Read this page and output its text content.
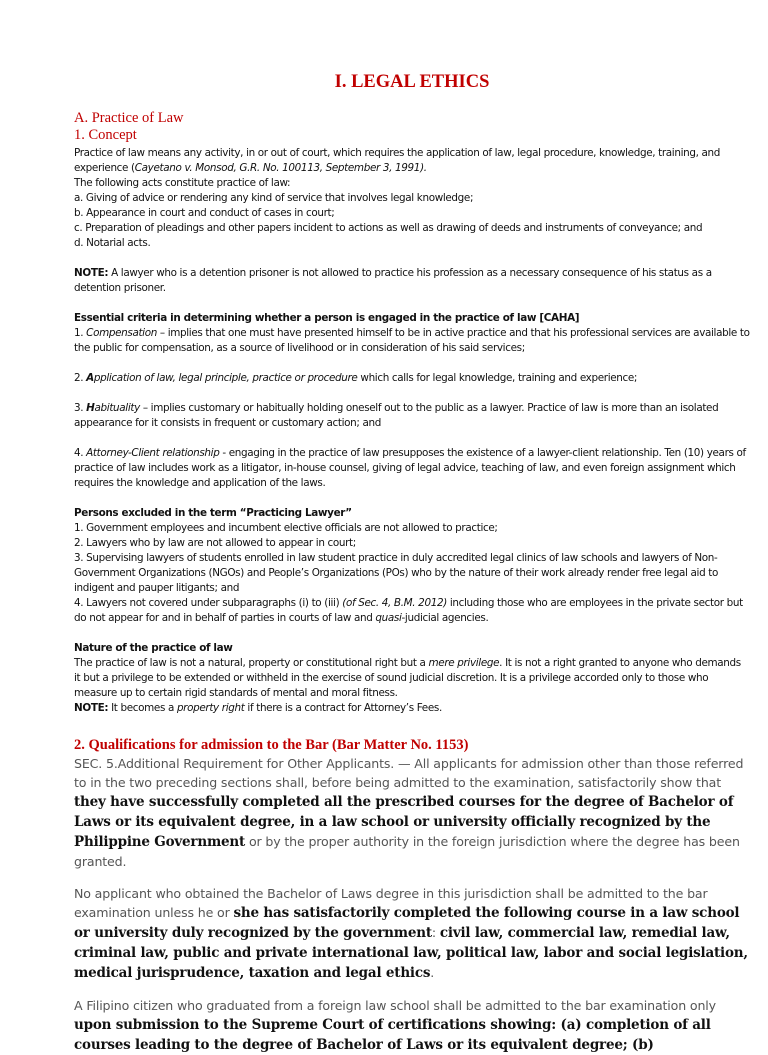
I. LEGAL ETHICS
A. Practice of Law
1. Concept

Practice of law means any activity, in or out of court, which requires the application of law, legal procedure, knowledge, training, and experience (Cayetano v. Monsod, G.R. No. 100113, September 3, 1991).

The following acts constitute practice of law:

a. Giving of advice or rendering any kind of service that involves legal knowledge;

b. Appearance in court and conduct of cases in court;

c. Preparation of pleadings and other papers incident to actions as well as drawing of deeds and instruments of conveyance; and

d. Notarial acts.

NOTE: A lawyer who is a detention prisoner is not allowed to practice his profession as a necessary consequence of his status as a detention prisoner.

Essential criteria in determining whether a person is engaged in the practice of law [CAHA]

1. Compensation – implies that one must have presented himself to be in active practice and that his professional services are available to the public for compensation, as a source of livelihood or in consideration of his said services;

2. Application of law, legal principle, practice or procedure which calls for legal knowledge, training and experience;

3. Habituality – implies customary or habitually holding oneself out to the public as a lawyer. Practice of law is more than an isolated appearance for it consists in frequent or customary action; and

4. Attorney-Client relationship - engaging in the practice of law presupposes the existence of a lawyer-client relationship. Ten (10) years of practice of law includes work as a litigator, in-house counsel, giving of legal advice, teaching of law, and even foreign assignment which requires the knowledge and application of the laws.

Persons excluded in the term “Practicing Lawyer”

1. Government employees and incumbent elective officials are not allowed to practice;

2. Lawyers who by law are not allowed to appear in court;

3. Supervising lawyers of students enrolled in law student practice in duly accredited legal clinics of law schools and lawyers of Non-Government Organizations (NGOs) and People’s Organizations (POs) who by the nature of their work already render free legal aid to indigent and pauper litigants; and

4. Lawyers not covered under subparagraphs (i) to (iii) (of Sec. 4, B.M. 2012) including those who are employees in the private sector but do not appear for and in behalf of parties in courts of law and quasi-judicial agencies.

Nature of the practice of law

The practice of law is not a natural, property or constitutional right but a mere privilege. It is not a right granted to anyone who demands it but a privilege to be extended or withheld in the exercise of sound judicial discretion. It is a privilege accorded only to those who measure up to certain rigid standards of mental and moral fitness.

NOTE: It becomes a property right if there is a contract for Attorney’s Fees.

2. Qualifications for admission to the Bar (Bar Matter No. 1153)

SEC. 5.Additional Requirement for Other Applicants. — All applicants for admission other than those referred to in the two preceding sections shall, before being admitted to the examination, satisfactorily show that they have successfully completed all the prescribed courses for the degree of Bachelor of Laws or its equivalent degree, in a law school or university officially recognized by the Philippine Government or by the proper authority in the foreign jurisdiction where the degree has been granted.

No applicant who obtained the Bachelor of Laws degree in this jurisdiction shall be admitted to the bar examination unless he or she has satisfactorily completed the following course in a law school or university duly recognized by the government: civil law, commercial law, remedial law, criminal law, public and private international law, political law, labor and social legislation, medical jurisprudence, taxation and legal ethics.

A Filipino citizen who graduated from a foreign law school shall be admitted to the bar examination only upon submission to the Supreme Court of certifications showing: (a) completion of all courses leading to the degree of Bachelor of Laws or its equivalent degree; (b)
